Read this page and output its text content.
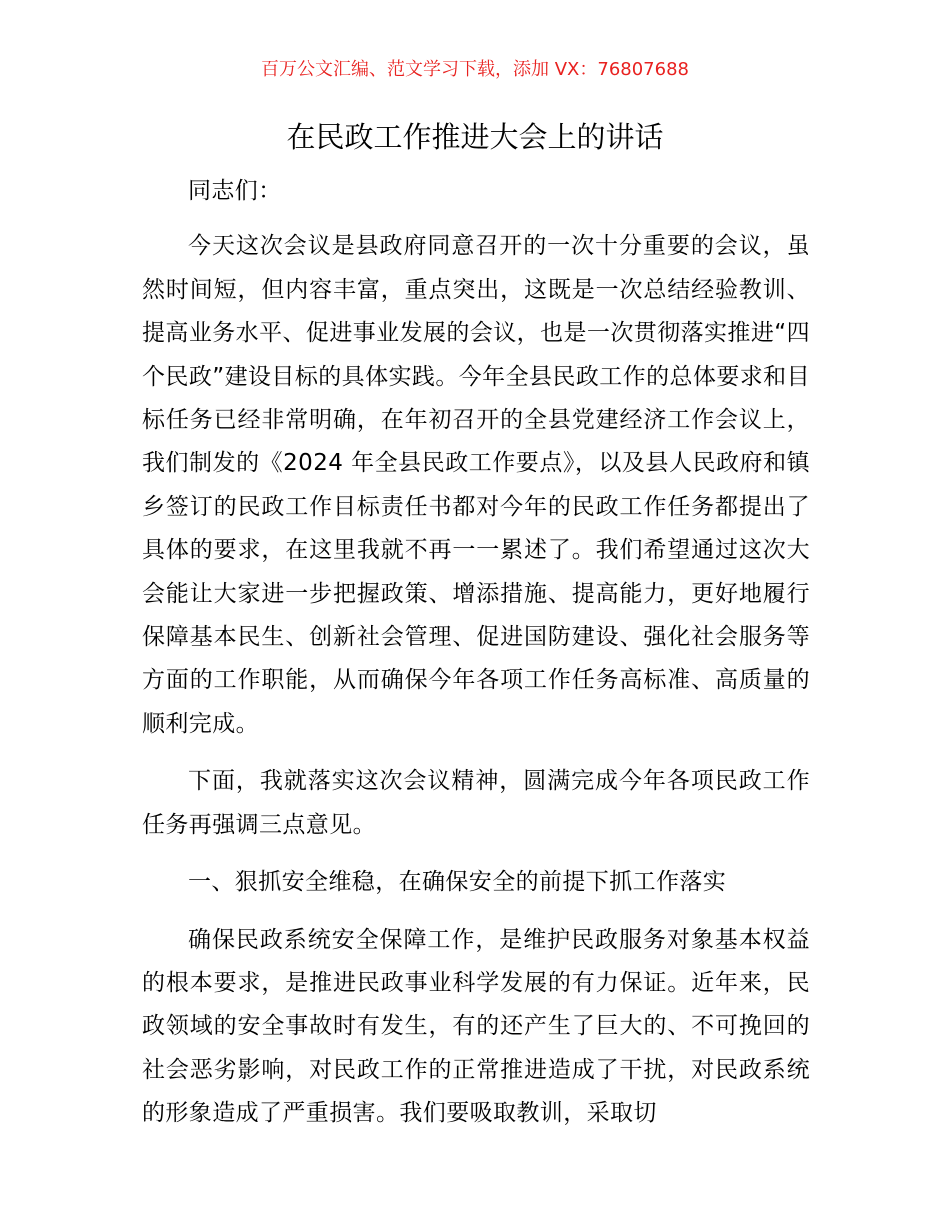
百万公文汇编、范文学习下载，添加 VX：76807688
在民政工作推进大会上的讲话

同志们：

今天这次会议是县政府同意召开的一次十分重要的会议，虽然时间短，但内容丰富，重点突出，这既是一次总结经验教训、提高业务水平、促进事业发展的会议，也是一次贯彻落实推进“四个民政”建设目标的具体实践。今年全县民政工作的总体要求和目标任务已经非常明确，在年初召开的全县党建经济工作会议上，我们制发的《2024 年全县民政工作要点》，以及县人民政府和镇乡签订的民政工作目标责任书都对今年的民政工作任务都提出了具体的要求，在这里我就不再一一累述了。我们希望通过这次大会能让大家进一步把握政策、增添措施、提高能力，更好地履行保障基本民生、创新社会管理、促进国防建设、强化社会服务等方面的工作职能，从而确保今年各项工作任务高标准、高质量的顺利完成。

下面，我就落实这次会议精神，圆满完成今年各项民政工作任务再强调三点意见。

一、狠抓安全维稳，在确保安全的前提下抓工作落实

确保民政系统安全保障工作，是维护民政服务对象基本权益的根本要求，是推进民政事业科学发展的有力保证。近年来，民政领域的安全事故时有发生，有的还产生了巨大的、不可挽回的社会恶劣影响，对民政工作的正常推进造成了干扰，对民政系统的形象造成了严重损害。我们要吸取教训，采取切
